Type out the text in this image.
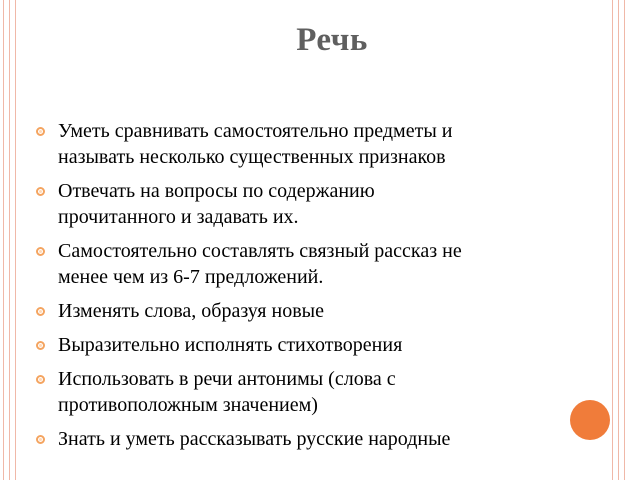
Речь
Уметь сравнивать самостоятельно предметы и
называть несколько существенных признаков
Отвечать на вопросы по содержанию
прочитанного и задавать их.
Самостоятельно составлять связный рассказ не
менее чем из 6-7 предложений.
Изменять слова, образуя новые
Выразительно исполнять стихотворения
Использовать в речи антонимы (слова с
противоположным значением)
Знать и уметь рассказывать русские народные
